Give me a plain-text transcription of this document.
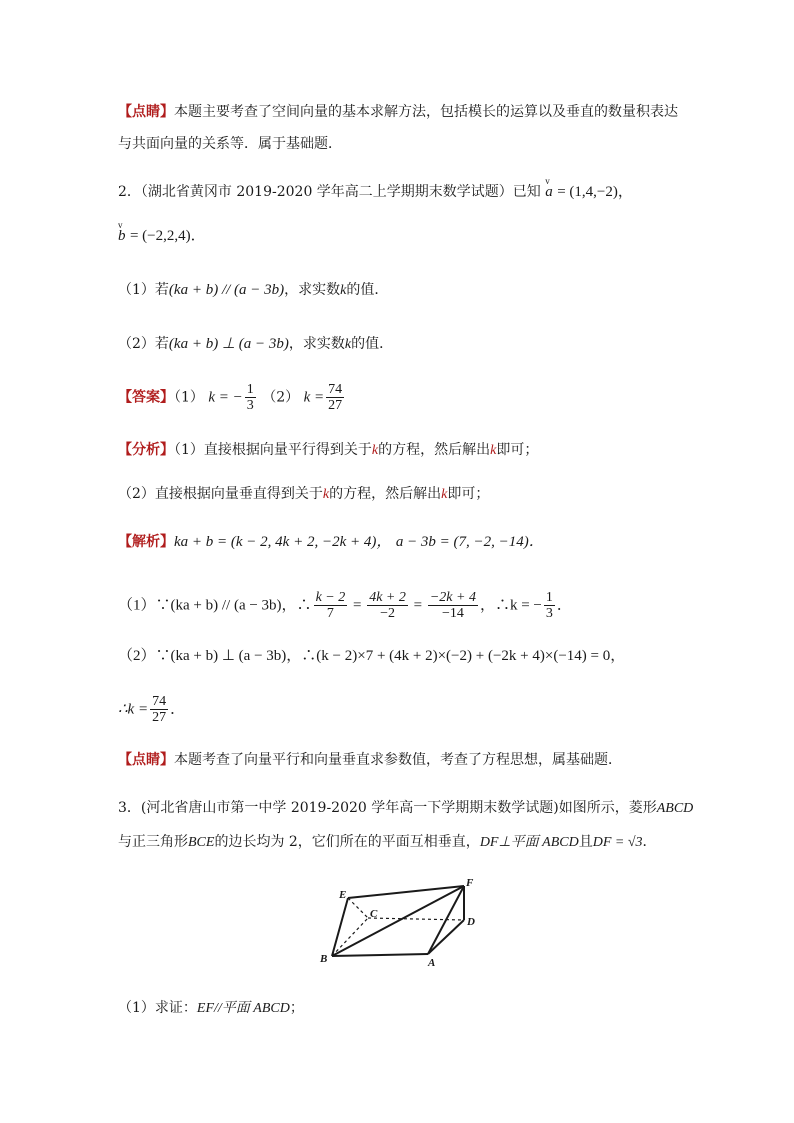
【点睛】本题主要考查了空间向量的基本求解方法，包括模长的运算以及垂直的数量积表达
与共面向量的关系等．属于基础题．
2．（湖北省黄冈市 2019-2020 学年高二上学期期末数学试题）已知 v a = (1,4,−2)，
v b = (−2,2,4)．
（1）若(ka + b) // (a − 3b)，求实数k的值．
（2）若(ka + b) ⊥ (a − 3b)，求实数k的值．
【答案】（1） k = − $\frac{1}{3} (2) k = \frac{74}{27}$
【分析】（1）直接根据向量平行得到关于k的方程，然后解出k即可；
（2）直接根据向量垂直得到关于k的方程，然后解出k即可；
【解析】ka + b = (k − 2, 4k + 2, −2k + 4)， a − 3b = (7, −2, −14)．
（1）∵(ka + b) // (a − 3b)，∴ $\frac{k - 2}{7} = \frac{4k + 2}{-2} = \frac{-2k + 4}{-14}$ ，∴k = − $\frac{1}{3}$ ．
（2）∵(ka + b) ⊥ (a − 3b)，∴(k − 2)×7 + (4k + 2)×(−2) + (−2k + 4)×(−14) = 0，
∴k = $\frac{74}{27}$ ．
【点睛】本题考查了向量平行和向量垂直求参数值，考查了方程思想，属基础题．
3．(河北省唐山市第一中学 2019-2020 学年高一下学期期末数学试题)如图所示，菱形ABCD
与正三角形BCE的边长均为 2，它们所在的平面互相垂直，DF⊥平面 ABCD且DF = √3．
E
F
C
D
B	A
（1）求证：EF//平面 ABCD；
